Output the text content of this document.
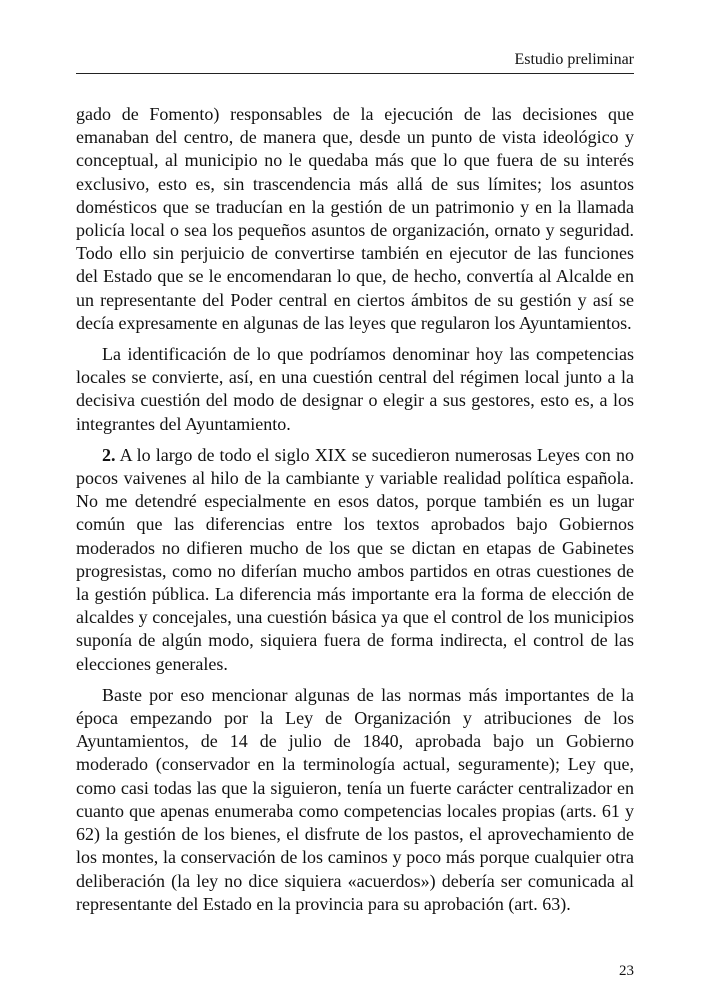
Estudio preliminar

gado de Fomento) responsables de la ejecución de las decisiones que emanaban del centro, de manera que, desde un punto de vista ideológico y conceptual, al municipio no le quedaba más que lo que fuera de su interés exclusivo, esto es, sin trascendencia más allá de sus límites; los asuntos domésticos que se traducían en la gestión de un patrimonio y en la llamada policía local o sea los pequeños asuntos de organización, ornato y seguridad. Todo ello sin perjuicio de convertirse también en ejecutor de las funciones del Estado que se le encomendaran lo que, de hecho, convertía al Alcalde en un representante del Poder central en ciertos ámbitos de su gestión y así se decía expresamente en algunas de las leyes que regularon los Ayuntamientos.

La identificación de lo que podríamos denominar hoy las competencias locales se convierte, así, en una cuestión central del régimen local junto a la decisiva cuestión del modo de designar o elegir a sus gestores, esto es, a los integrantes del Ayuntamiento.

2. A lo largo de todo el siglo XIX se sucedieron numerosas Leyes con no pocos vaivenes al hilo de la cambiante y variable realidad política española. No me detendré especialmente en esos datos, porque también es un lugar común que las diferencias entre los textos aprobados bajo Gobiernos moderados no difieren mucho de los que se dictan en etapas de Gabinetes progresistas, como no diferían mucho ambos partidos en otras cuestiones de la gestión pública. La diferencia más importante era la forma de elección de alcaldes y concejales, una cuestión básica ya que el control de los municipios suponía de algún modo, siquiera fuera de forma indirecta, el control de las elecciones generales.

Baste por eso mencionar algunas de las normas más importantes de la época empezando por la Ley de Organización y atribuciones de los Ayuntamientos, de 14 de julio de 1840, aprobada bajo un Gobierno moderado (conservador en la terminología actual, seguramente); Ley que, como casi todas las que la siguieron, tenía un fuerte carácter centralizador en cuanto que apenas enumeraba como competencias locales propias (arts. 61 y 62) la gestión de los bienes, el disfrute de los pastos, el aprovechamiento de los montes, la conservación de los caminos y poco más porque cualquier otra deliberación (la ley no dice siquiera «acuerdos») debería ser comunicada al representante del Estado en la provincia para su aprobación (art. 63).

23
